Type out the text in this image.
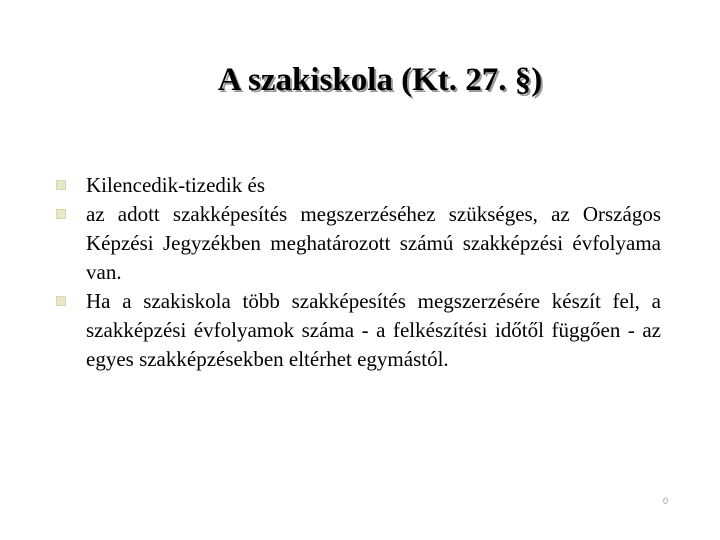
A szakiskola (Kt. 27. §)
Kilencedik-tizedik és
az adott szakképesítés megszerzéséhez szükséges, az Országos Képzési Jegyzékben meghatározott számú szakképzési évfolyama van.
Ha a szakiskola több szakképesítés megszerzésére készít fel, a szakképzési évfolyamok száma - a felkészítési időtől függően - az egyes szakképzésekben eltérhet egymástól.
0
